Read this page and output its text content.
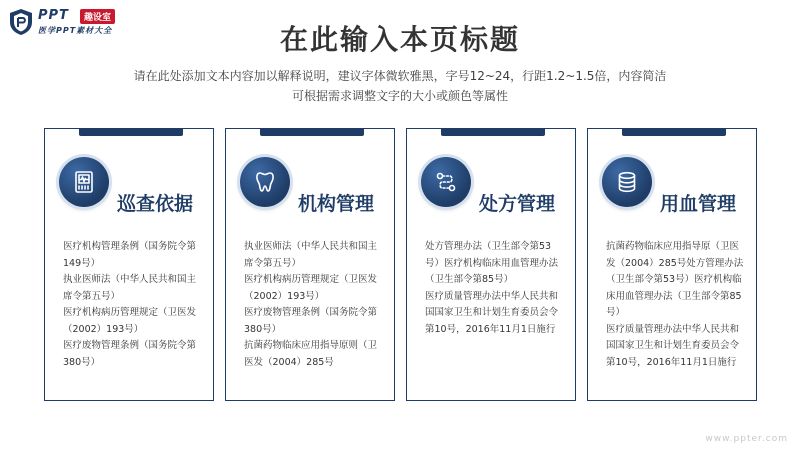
PPT	趣设室
医学PPT素材大全	在此输入本页标题
请在此处添加文本内容加以解释说明，建议字体微软雅黑，字号12~24，行距1.2~1.5倍，内容简洁
可根据需求调整文字的大小或颜色等属性
巡查依据

医疗机构管理条例（国务院令第149号）

执业医师法（中华人民共和国主席令第五号）

医疗机构病历管理规定（卫医发（2002）193号）

医疗废物管理条例（国务院令第380号）

机构管理

执业医师法（中华人民共和国主席令第五号）

医疗机构病历管理规定（卫医发（2002）193号）

医疗废物管理条例（国务院令第380号）

抗菌药物临床应用指导原则（卫医发（2004）285号

处方管理

处方管理办法（卫生部令第53号）医疗机构临床用血管理办法（卫生部令第85号）

医疗质量管理办法中华人民共和国国家卫生和计划生育委员会令第10号，2016年11月1日施行

用血管理

抗菌药物临床应用指导原（卫医发（2004）285号处方管理办法（卫生部令第53号）医疗机构临床用血管理办法（卫生部令第85号）

医疗质量管理办法中华人民共和国国家卫生和计划生育委员会令第10号，2016年11月1日施行

www.ppter.com
